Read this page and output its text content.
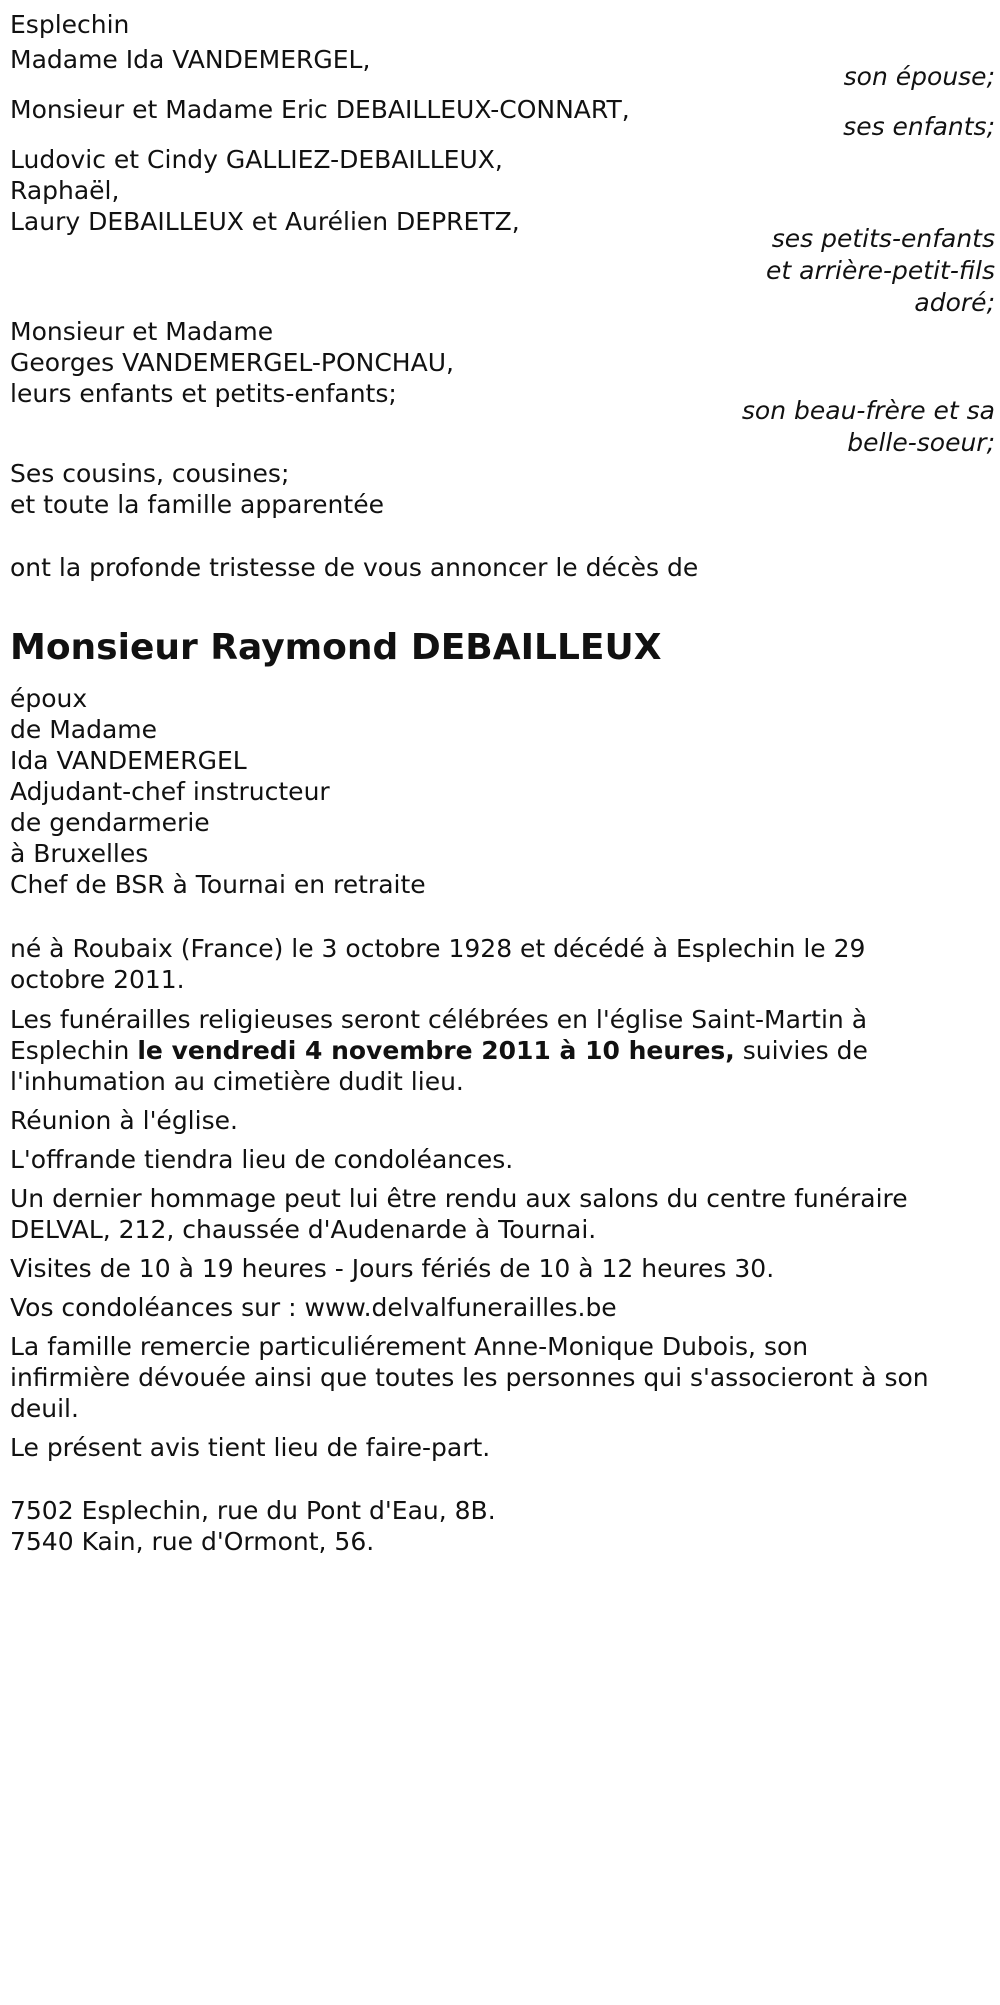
Esplechin
Madame Ida VANDEMERGEL,
son épouse;
Monsieur et Madame Eric DEBAILLEUX-CONNART,
ses enfants;
Ludovic et Cindy GALLIEZ-DEBAILLEUX,
Raphaël,
Laury DEBAILLEUX et Aurélien DEPRETZ,
ses petits-enfants
et arrière-petit-fils
adoré;
Monsieur et Madame
Georges VANDEMERGEL-PONCHAU,
leurs enfants et petits-enfants;
son beau-frère et sa
belle-soeur;
Ses cousins, cousines;
et toute la famille apparentée
ont la profonde tristesse de vous annoncer le décès de
Monsieur Raymond DEBAILLEUX
époux
de Madame
Ida VANDEMERGEL
Adjudant-chef instructeur
de gendarmerie
à Bruxelles
Chef de BSR à Tournai en retraite
né à Roubaix (France) le 3 octobre 1928 et décédé à Esplechin le 29
octobre 2011.
Les funérailles religieuses seront célébrées en l'église Saint-Martin à
Esplechin le vendredi 4 novembre 2011 à 10 heures, suivies de
l'inhumation au cimetière dudit lieu.
Réunion à l'église.
L'offrande tiendra lieu de condoléances.
Un dernier hommage peut lui être rendu aux salons du centre funéraire
DELVAL, 212, chaussée d'Audenarde à Tournai.
Visites de 10 à 19 heures - Jours fériés de 10 à 12 heures 30.
Vos condoléances sur : www.delvalfunerailles.be
La famille remercie particuliérement Anne-Monique Dubois, son
infirmière dévouée ainsi que toutes les personnes qui s'associeront à son
deuil.
Le présent avis tient lieu de faire-part.
7502 Esplechin, rue du Pont d'Eau, 8B.
7540 Kain, rue d'Ormont, 56.
